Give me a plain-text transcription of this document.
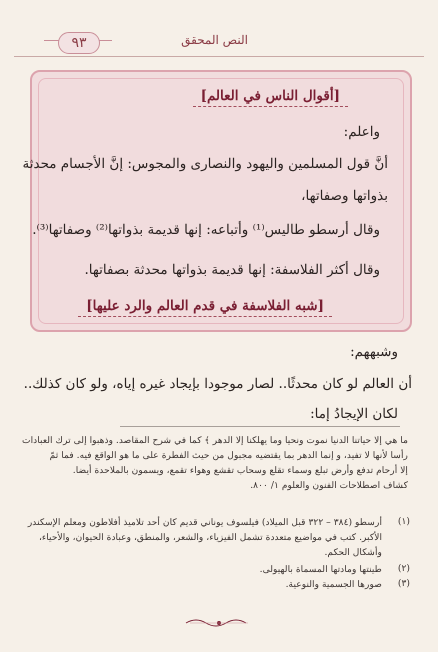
٩٣	النص المحقق
[أقوال الناس في العالم]
واعلم:
أنَّ قول المسلمين واليهود والنصارى والمجوس: إنَّ الأجسام محدثة
بذواتها وصفاتها،
وقال أرسطو طاليس⁽¹⁾ وأتباعه: إنها قديمة بذواتها⁽²⁾ وصفاتها⁽³⁾.
وقال أكثر الفلاسفة: إنها قديمة بذواتها محدثة بصفاتها.
[شبه الفلاسفة في قدم العالم والرد عليها]
وشبههم:
أن العالم لو كان محدثًا.. لصار موجودا بإيجاد غيره إياه، ولو كان كذلك..
لكان الإيجادُ إما:
ما هي إلا حياتنا الدنيا نموت ونحيا وما يهلكنا إلا الدهر ﴾ كما في شرح المقاصد. وذهبوا إلى ترك العبادات
رأسا لأنها لا تفيد، و إنما الدهر بما يقتضيه مجبول من حيث الفطرة على ما هو الواقع فيه. فما ثمّ
إلا أرحام تدفع وأرض تبلع وسماء تقلع وسحاب تقشع وهواء تقمع، ويسمون بالملاحدة أيضا.
كشاف اصطلاحات الفنون والعلوم ١/ ٨٠٠.
(١)
أرسطو (٣٨٤ – ٣٢٢ قبل الميلاد) فيلسوف يوناني قديم كان أحد تلاميذ أفلاطون ومعلم الإسكندر
الأكبر. كتب في مواضيع متعددة تشمل الفيزياء، والشعر، والمنطق، وعبادة الحيوان، والأحياء،
وأشكال الحكم.
(٢)
طينتها ومادتها المسماة بالهيولى.
(٣)
صورها الجسمية والنوعية.
